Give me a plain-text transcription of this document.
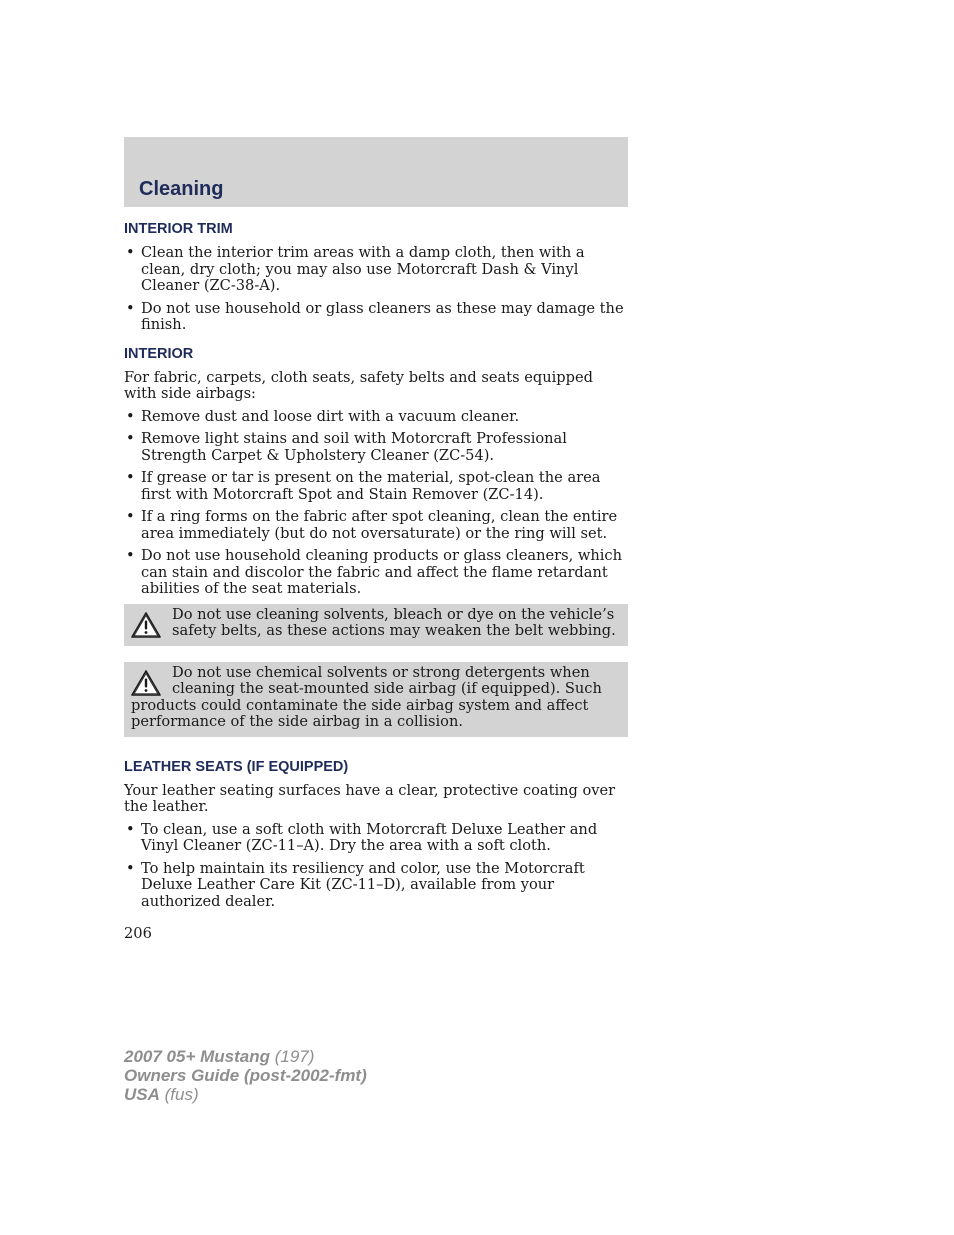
Cleaning
INTERIOR TRIM
• Clean the interior trim areas with a damp cloth, then with a clean, dry cloth; you may also use Motorcraft Dash & Vinyl Cleaner (ZC-38-A).
• Do not use household or glass cleaners as these may damage the finish.
INTERIOR

For fabric, carpets, cloth seats, safety belts and seats equipped with side airbags:

• Remove dust and loose dirt with a vacuum cleaner.
• Remove light stains and soil with Motorcraft Professional Strength Carpet & Upholstery Cleaner (ZC-54).
• If grease or tar is present on the material, spot-clean the area first with Motorcraft Spot and Stain Remover (ZC-14).
• If a ring forms on the fabric after spot cleaning, clean the entire area immediately (but do not oversaturate) or the ring will set.
• Do not use household cleaning products or glass cleaners, which can stain and discolor the fabric and affect the flame retardant abilities of the seat materials.
Do not use cleaning solvents, bleach or dye on the vehicle’s safety belts, as these actions may weaken the belt webbing.
Do not use chemical solvents or strong detergents when cleaning the seat-mounted side airbag (if equipped). Such products could contaminate the side airbag system and affect performance of the side airbag in a collision.
LEATHER SEATS (IF EQUIPPED)

Your leather seating surfaces have a clear, protective coating over the leather.

• To clean, use a soft cloth with Motorcraft Deluxe Leather and Vinyl Cleaner (ZC-11–A). Dry the area with a soft cloth.
• To help maintain its resiliency and color, use the Motorcraft Deluxe Leather Care Kit (ZC-11–D), available from your authorized dealer.
206
2007 05+ Mustang (197)
Owners Guide (post-2002-fmt)
USA (fus)
